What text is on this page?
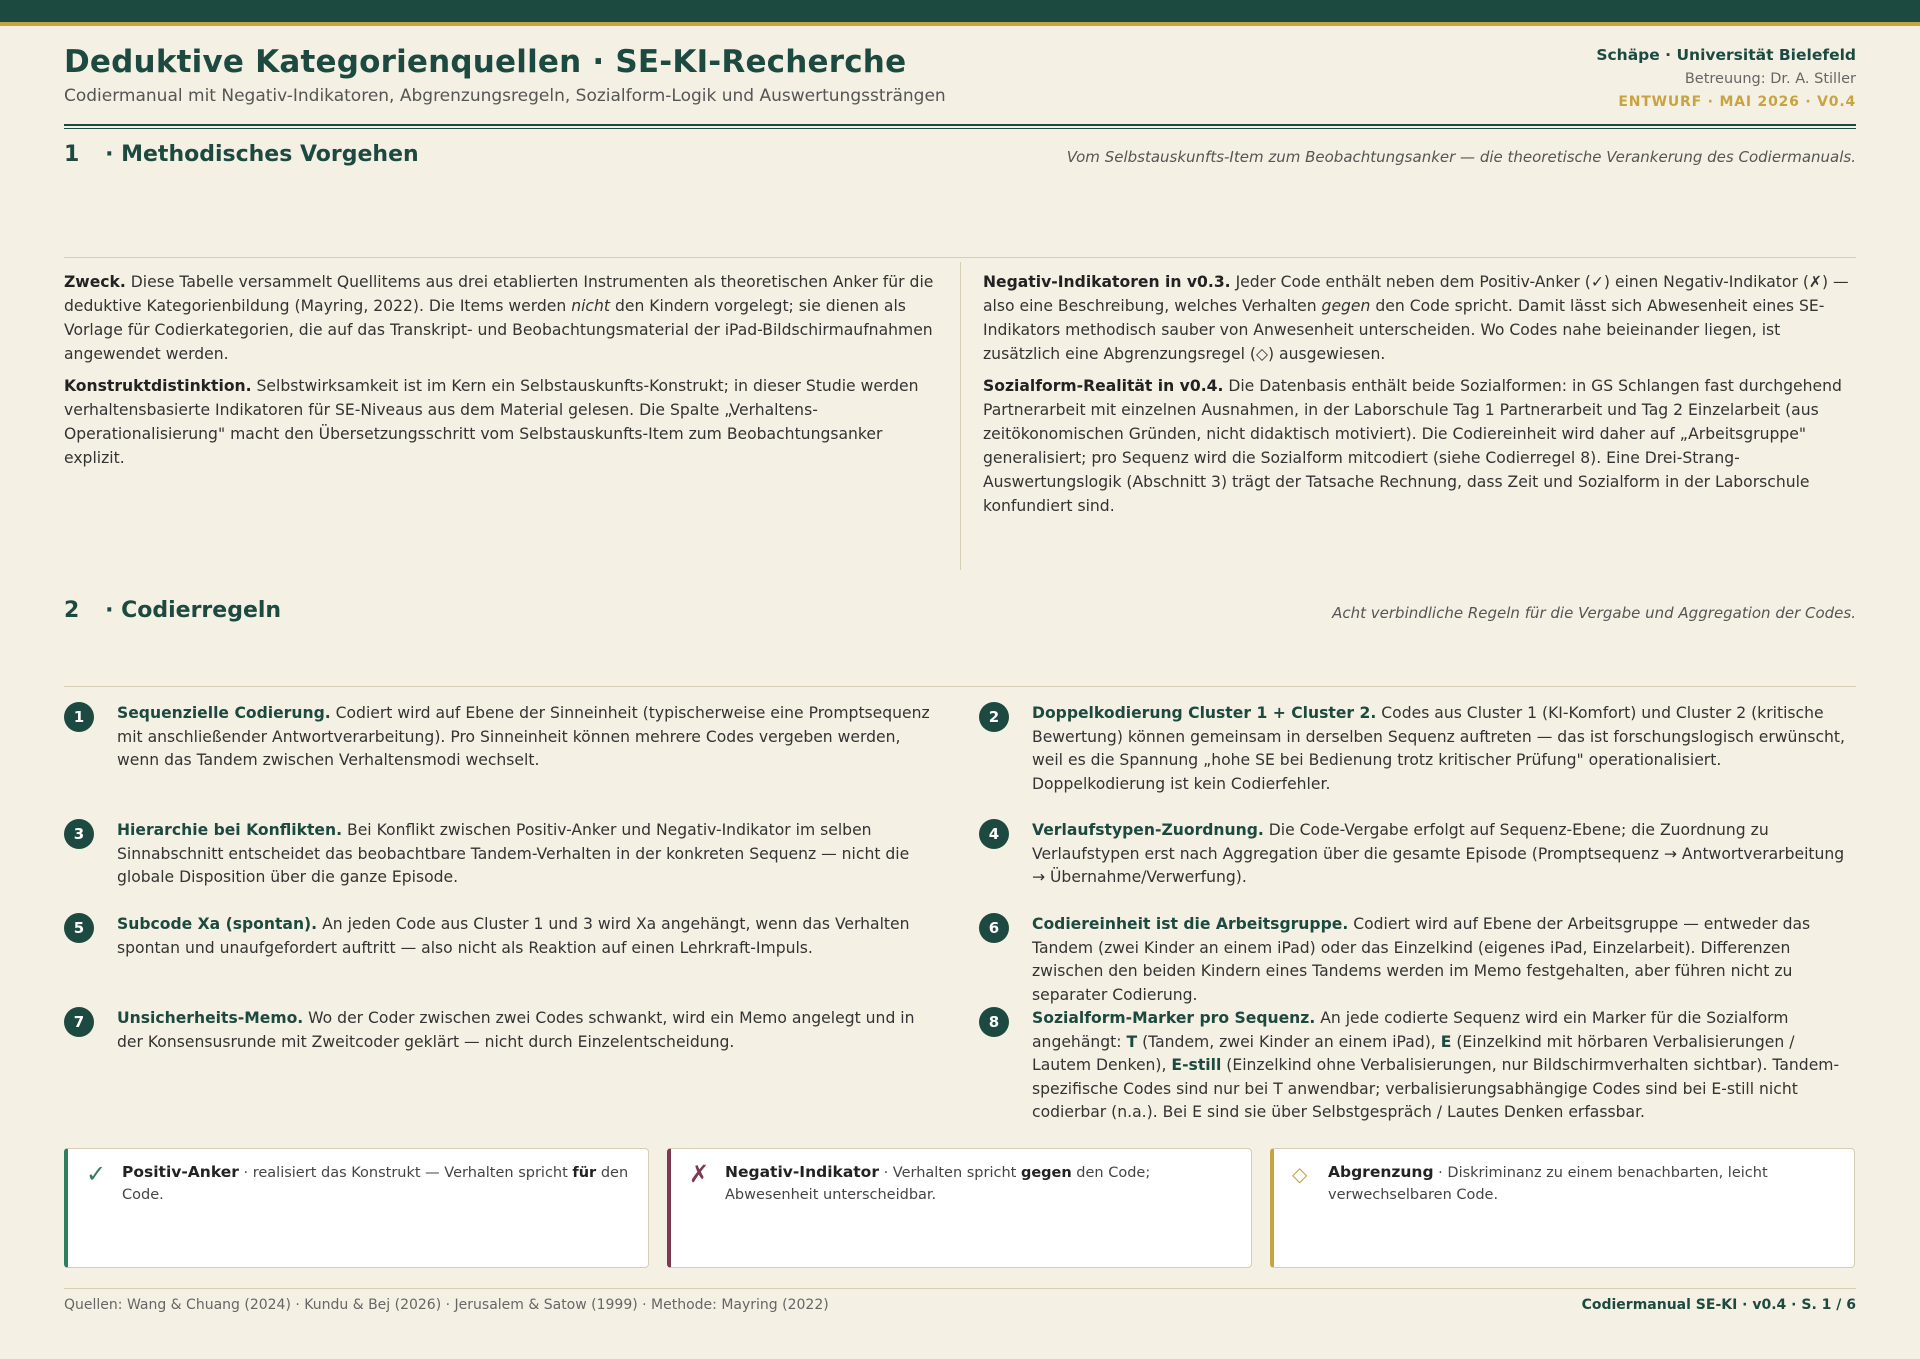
Deduktive Kategorienquellen · SE-KI-Recherche
Codiermanual mit Negativ-Indikatoren, Abgrenzungsregeln, Sozialform-Logik und Auswertungssträngen
Schäpe · Universität Bielefeld
Betreuung: Dr. A. Stiller
ENTWURF · MAI 2026 · V0.4
1 · Methodisches Vorgehen	Vom Selbstauskunfts-Item zum Beobachtungsanker — die theoretische Verankerung des Codiermanuals.

Zweck. Diese Tabelle versammelt Quellitems aus drei etablierten Instrumenten als theoretischen Anker für die deduktive Kategorienbildung (Mayring, 2022). Die Items werden nicht den Kindern vorgelegt; sie dienen als Vorlage für Codierkategorien, die auf das Transkript- und Beobachtungsmaterial der iPad-Bildschirmaufnahmen angewendet werden.

Konstruktdistinktion. Selbstwirksamkeit ist im Kern ein Selbstauskunfts-Konstrukt; in dieser Studie werden verhaltensbasierte Indikatoren für SE-Niveaus aus dem Material gelesen. Die Spalte „Verhaltens-Operationalisierung" macht den Übersetzungsschritt vom Selbstauskunfts-Item zum Beobachtungsanker explizit.

Negativ-Indikatoren in v0.3. Jeder Code enthält neben dem Positiv-Anker (✓) einen Negativ-Indikator (✗) — also eine Beschreibung, welches Verhalten gegen den Code spricht. Damit lässt sich Abwesenheit eines SE-Indikators methodisch sauber von Anwesenheit unterscheiden. Wo Codes nahe beieinander liegen, ist zusätzlich eine Abgrenzungsregel (◇) ausgewiesen.

Sozialform-Realität in v0.4. Die Datenbasis enthält beide Sozialformen: in GS Schlangen fast durchgehend Partnerarbeit mit einzelnen Ausnahmen, in der Laborschule Tag 1 Partnerarbeit und Tag 2 Einzelarbeit (aus zeitökonomischen Gründen, nicht didaktisch motiviert). Die Codiereinheit wird daher auf „Arbeitsgruppe" generalisiert; pro Sequenz wird die Sozialform mitcodiert (siehe Codierregel 8). Eine Drei-Strang-Auswertungslogik (Abschnitt 3) trägt der Tatsache Rechnung, dass Zeit und Sozialform in der Laborschule konfundiert sind.

2 · Codierregeln	Acht verbindliche Regeln für die Vergabe und Aggregation der Codes.
1	Sequenzielle Codierung. Codiert wird auf Ebene der Sinneinheit (typischerweise eine Promptsequenz mit anschließender Antwortverarbeitung). Pro Sinneinheit können mehrere Codes vergeben werden, wenn das Tandem zwischen Verhaltensmodi wechselt.
2	Doppelkodierung Cluster 1 + Cluster 2. Codes aus Cluster 1 (KI-Komfort) und Cluster 2 (kritische Bewertung) können gemeinsam in derselben Sequenz auftreten — das ist forschungslogisch erwünscht, weil es die Spannung „hohe SE bei Bedienung trotz kritischer Prüfung" operationalisiert. Doppelkodierung ist kein Codierfehler.
3	Hierarchie bei Konflikten. Bei Konflikt zwischen Positiv-Anker und Negativ-Indikator im selben Sinnabschnitt entscheidet das beobachtbare Tandem-Verhalten in der konkreten Sequenz — nicht die globale Disposition über die ganze Episode.
4	Verlaufstypen-Zuordnung. Die Code-Vergabe erfolgt auf Sequenz-Ebene; die Zuordnung zu Verlaufstypen erst nach Aggregation über die gesamte Episode (Promptsequenz → Antwortverarbeitung → Übernahme/Verwerfung).
5	Subcode Xa (spontan). An jeden Code aus Cluster 1 und 3 wird Xa angehängt, wenn das Verhalten spontan und unaufgefordert auftritt — also nicht als Reaktion auf einen Lehrkraft-Impuls.
6	Codiereinheit ist die Arbeitsgruppe. Codiert wird auf Ebene der Arbeitsgruppe — entweder das Tandem (zwei Kinder an einem iPad) oder das Einzelkind (eigenes iPad, Einzelarbeit). Differenzen zwischen den beiden Kindern eines Tandems werden im Memo festgehalten, aber führen nicht zu separater Codierung.
7	Unsicherheits-Memo. Wo der Coder zwischen zwei Codes schwankt, wird ein Memo angelegt und in der Konsensusrunde mit Zweitcoder geklärt — nicht durch Einzelentscheidung.
8	Sozialform-Marker pro Sequenz. An jede codierte Sequenz wird ein Marker für die Sozialform angehängt: T (Tandem, zwei Kinder an einem iPad), E (Einzelkind mit hörbaren Verbalisierungen / Lautem Denken), E-still (Einzelkind ohne Verbalisierungen, nur Bildschirmverhalten sichtbar). Tandem-spezifische Codes sind nur bei T anwendbar; verbalisierungsabhängige Codes sind bei E-still nicht codierbar (n.a.). Bei E sind sie über Selbstgespräch / Lautes Denken erfassbar.
✓ Positiv-Anker · realisiert das Konstrukt — Verhalten spricht für den Code.
✗ Negativ-Indikator · Verhalten spricht gegen den Code; Abwesenheit unterscheidbar.
◇ Abgrenzung · Diskriminanz zu einem benachbarten, leicht verwechselbaren Code.
Quellen: Wang & Chuang (2024) · Kundu & Bej (2026) · Jerusalem & Satow (1999) · Methode: Mayring (2022)	Codiermanual SE-KI · v0.4 · S. 1 / 6
